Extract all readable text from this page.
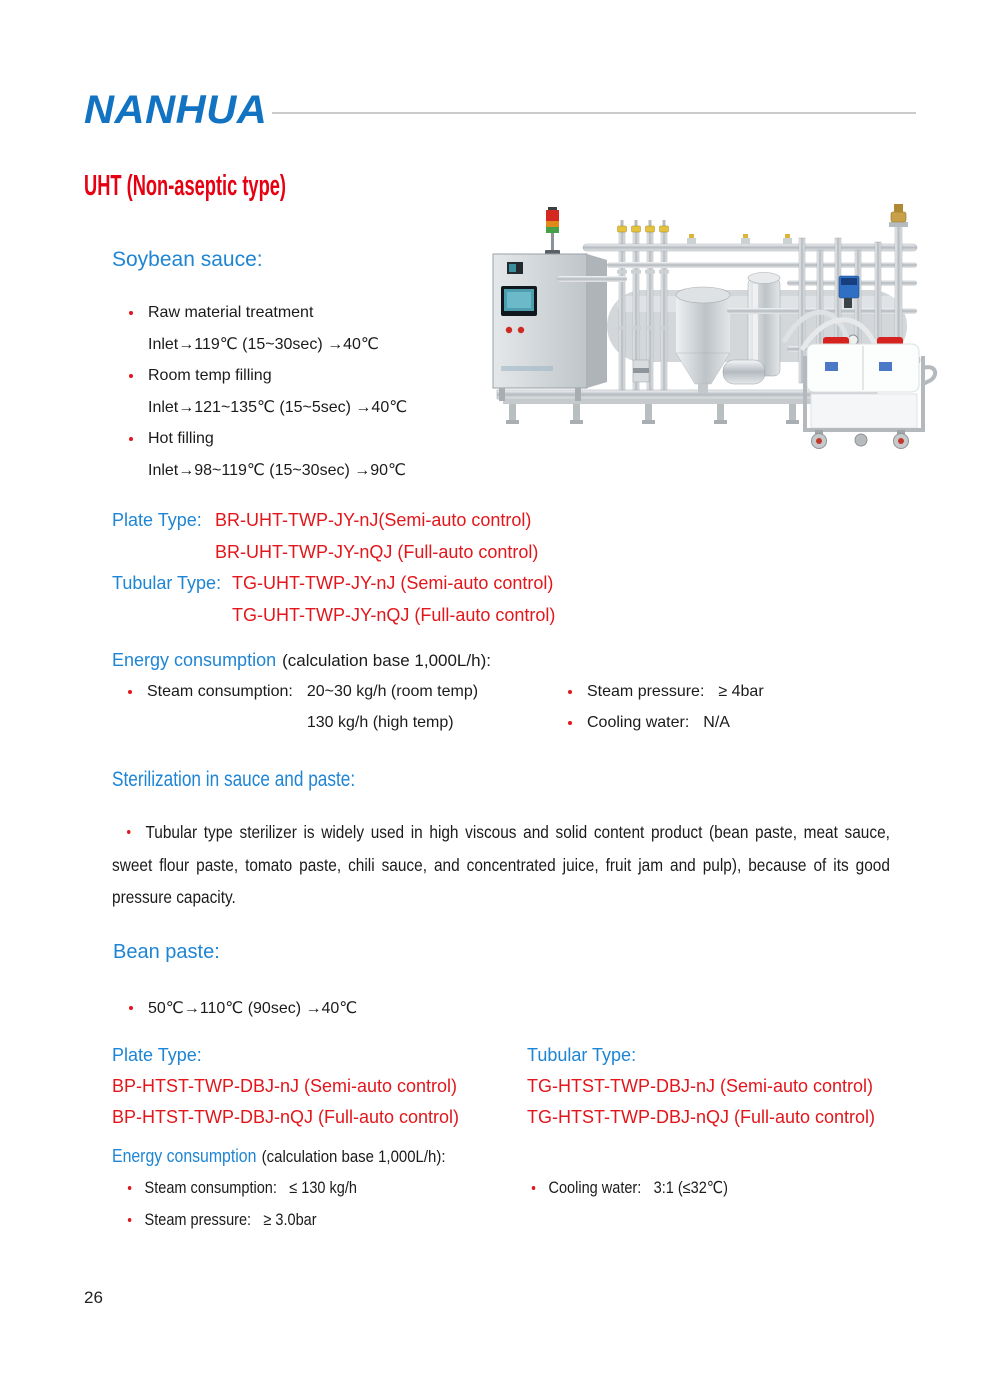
NANHUA
UHT (Non-aseptic type)
Soybean sauce:
Raw material treatment
Inlet→119℃ (15~30sec) →40℃
Room temp filling
Inlet→121~135℃ (15~5sec) →40℃
Hot filling
Inlet→98~119℃ (15~30sec) →90℃
Plate Type: BR-UHT-TWP-JY-nJ(Semi-auto control)
BR-UHT-TWP-JY-nQJ (Full-auto control)
Tubular Type: TG-UHT-TWP-JY-nJ (Semi-auto control)
TG-UHT-TWP-JY-nQJ (Full-auto control)
Energy consumption (calculation base 1,000L/h):
Steam consumption: 20~30 kg/h (room temp)
130 kg/h (high temp)
Steam pressure: ≥ 4bar
Cooling water: N/A
Sterilization in sauce and paste:

Tubular type sterilizer is widely used in high viscous and solid content product (bean paste, meat sauce, sweet flour paste, tomato paste, chili sauce, and concentrated juice, fruit jam and pulp), because of its good pressure capacity.

Bean paste:
50℃→110℃ (90sec) →40℃
Plate Type:
BP-HTST-TWP-DBJ-nJ (Semi-auto control)
BP-HTST-TWP-DBJ-nQJ (Full-auto control)
Tubular Type:
TG-HTST-TWP-DBJ-nJ (Semi-auto control)
TG-HTST-TWP-DBJ-nQJ (Full-auto control)
Energy consumption (calculation base 1,000L/h):
Steam consumption: ≤ 130 kg/h
Steam pressure: ≥ 3.0bar
Cooling water: 3:1 (≤32℃)
26
